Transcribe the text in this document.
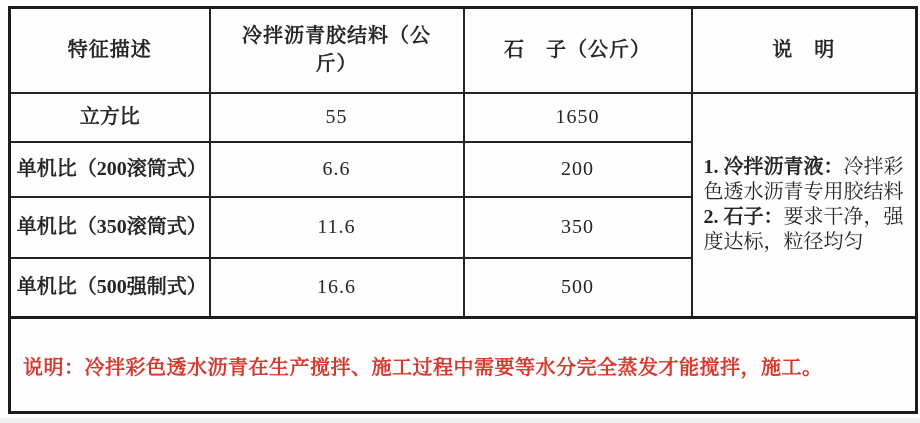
特征描述	冷拌沥青胶结料（公斤）	石　子（公斤）	说　明
立方比	55	1650	1. 冷拌沥青液：冷拌彩色透水沥青专用胶结料

2. 石子：要求干净，强度达标，粒径均匀

单机比（200滚筒式）	6.6	200	
单机比（350滚筒式）	11.6	350	
单机比（500强制式）	16.6	500	
说明：冷拌彩色透水沥青在生产搅拌、施工过程中需要等水分完全蒸发才能搅拌，施工。			
